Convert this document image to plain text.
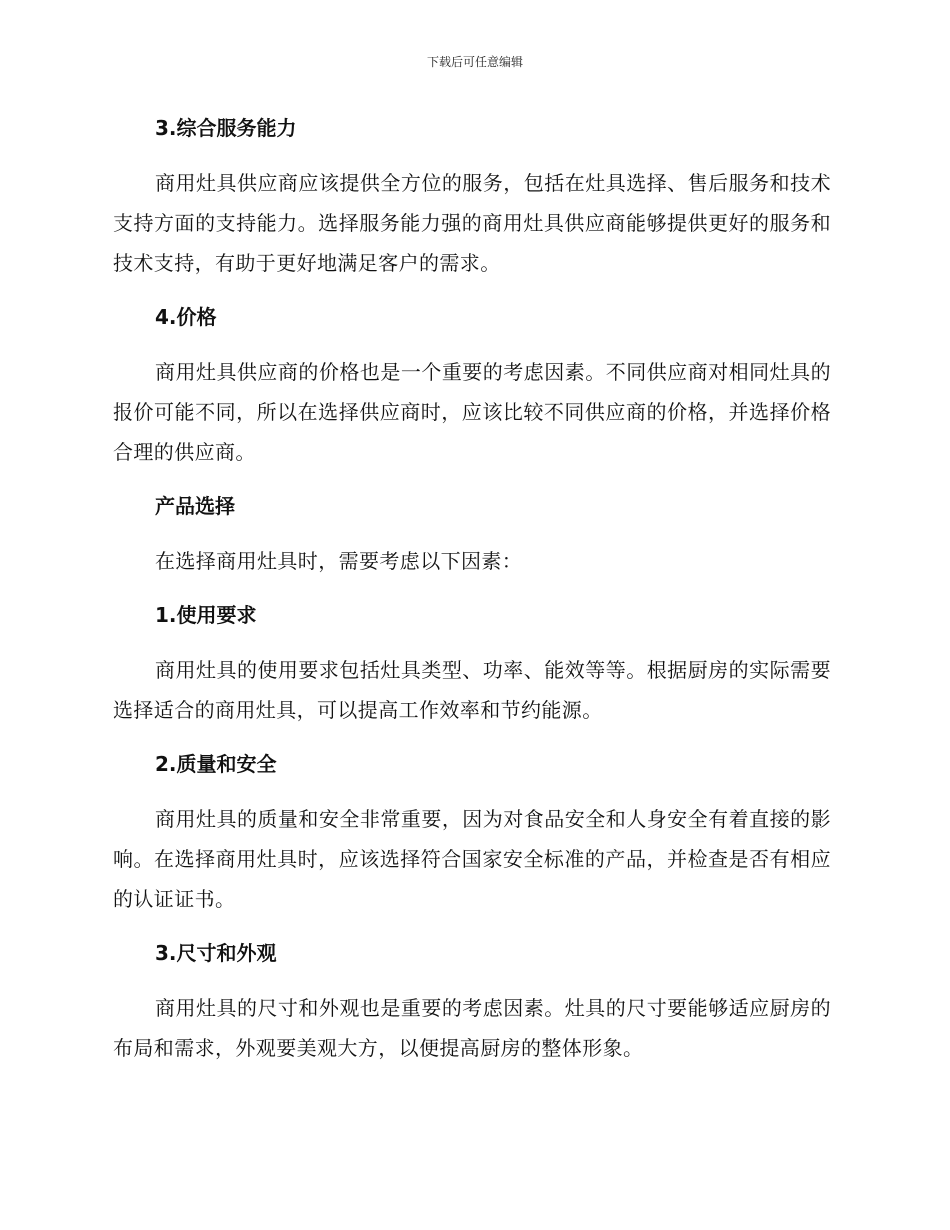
下载后可任意编辑
3.综合服务能力

商用灶具供应商应该提供全方位的服务，包括在灶具选择、售后服务和技术支持方面的支持能力。选择服务能力强的商用灶具供应商能够提供更好的服务和技术支持，有助于更好地满足客户的需求。

4.价格

商用灶具供应商的价格也是一个重要的考虑因素。不同供应商对相同灶具的报价可能不同，所以在选择供应商时，应该比较不同供应商的价格，并选择价格合理的供应商。

产品选择

在选择商用灶具时，需要考虑以下因素：

1.使用要求

商用灶具的使用要求包括灶具类型、功率、能效等等。根据厨房的实际需要选择适合的商用灶具，可以提高工作效率和节约能源。

2.质量和安全

商用灶具的质量和安全非常重要，因为对食品安全和人身安全有着直接的影响。在选择商用灶具时，应该选择符合国家安全标准的产品，并检查是否有相应的认证证书。

3.尺寸和外观

商用灶具的尺寸和外观也是重要的考虑因素。灶具的尺寸要能够适应厨房的布局和需求，外观要美观大方，以便提高厨房的整体形象。
